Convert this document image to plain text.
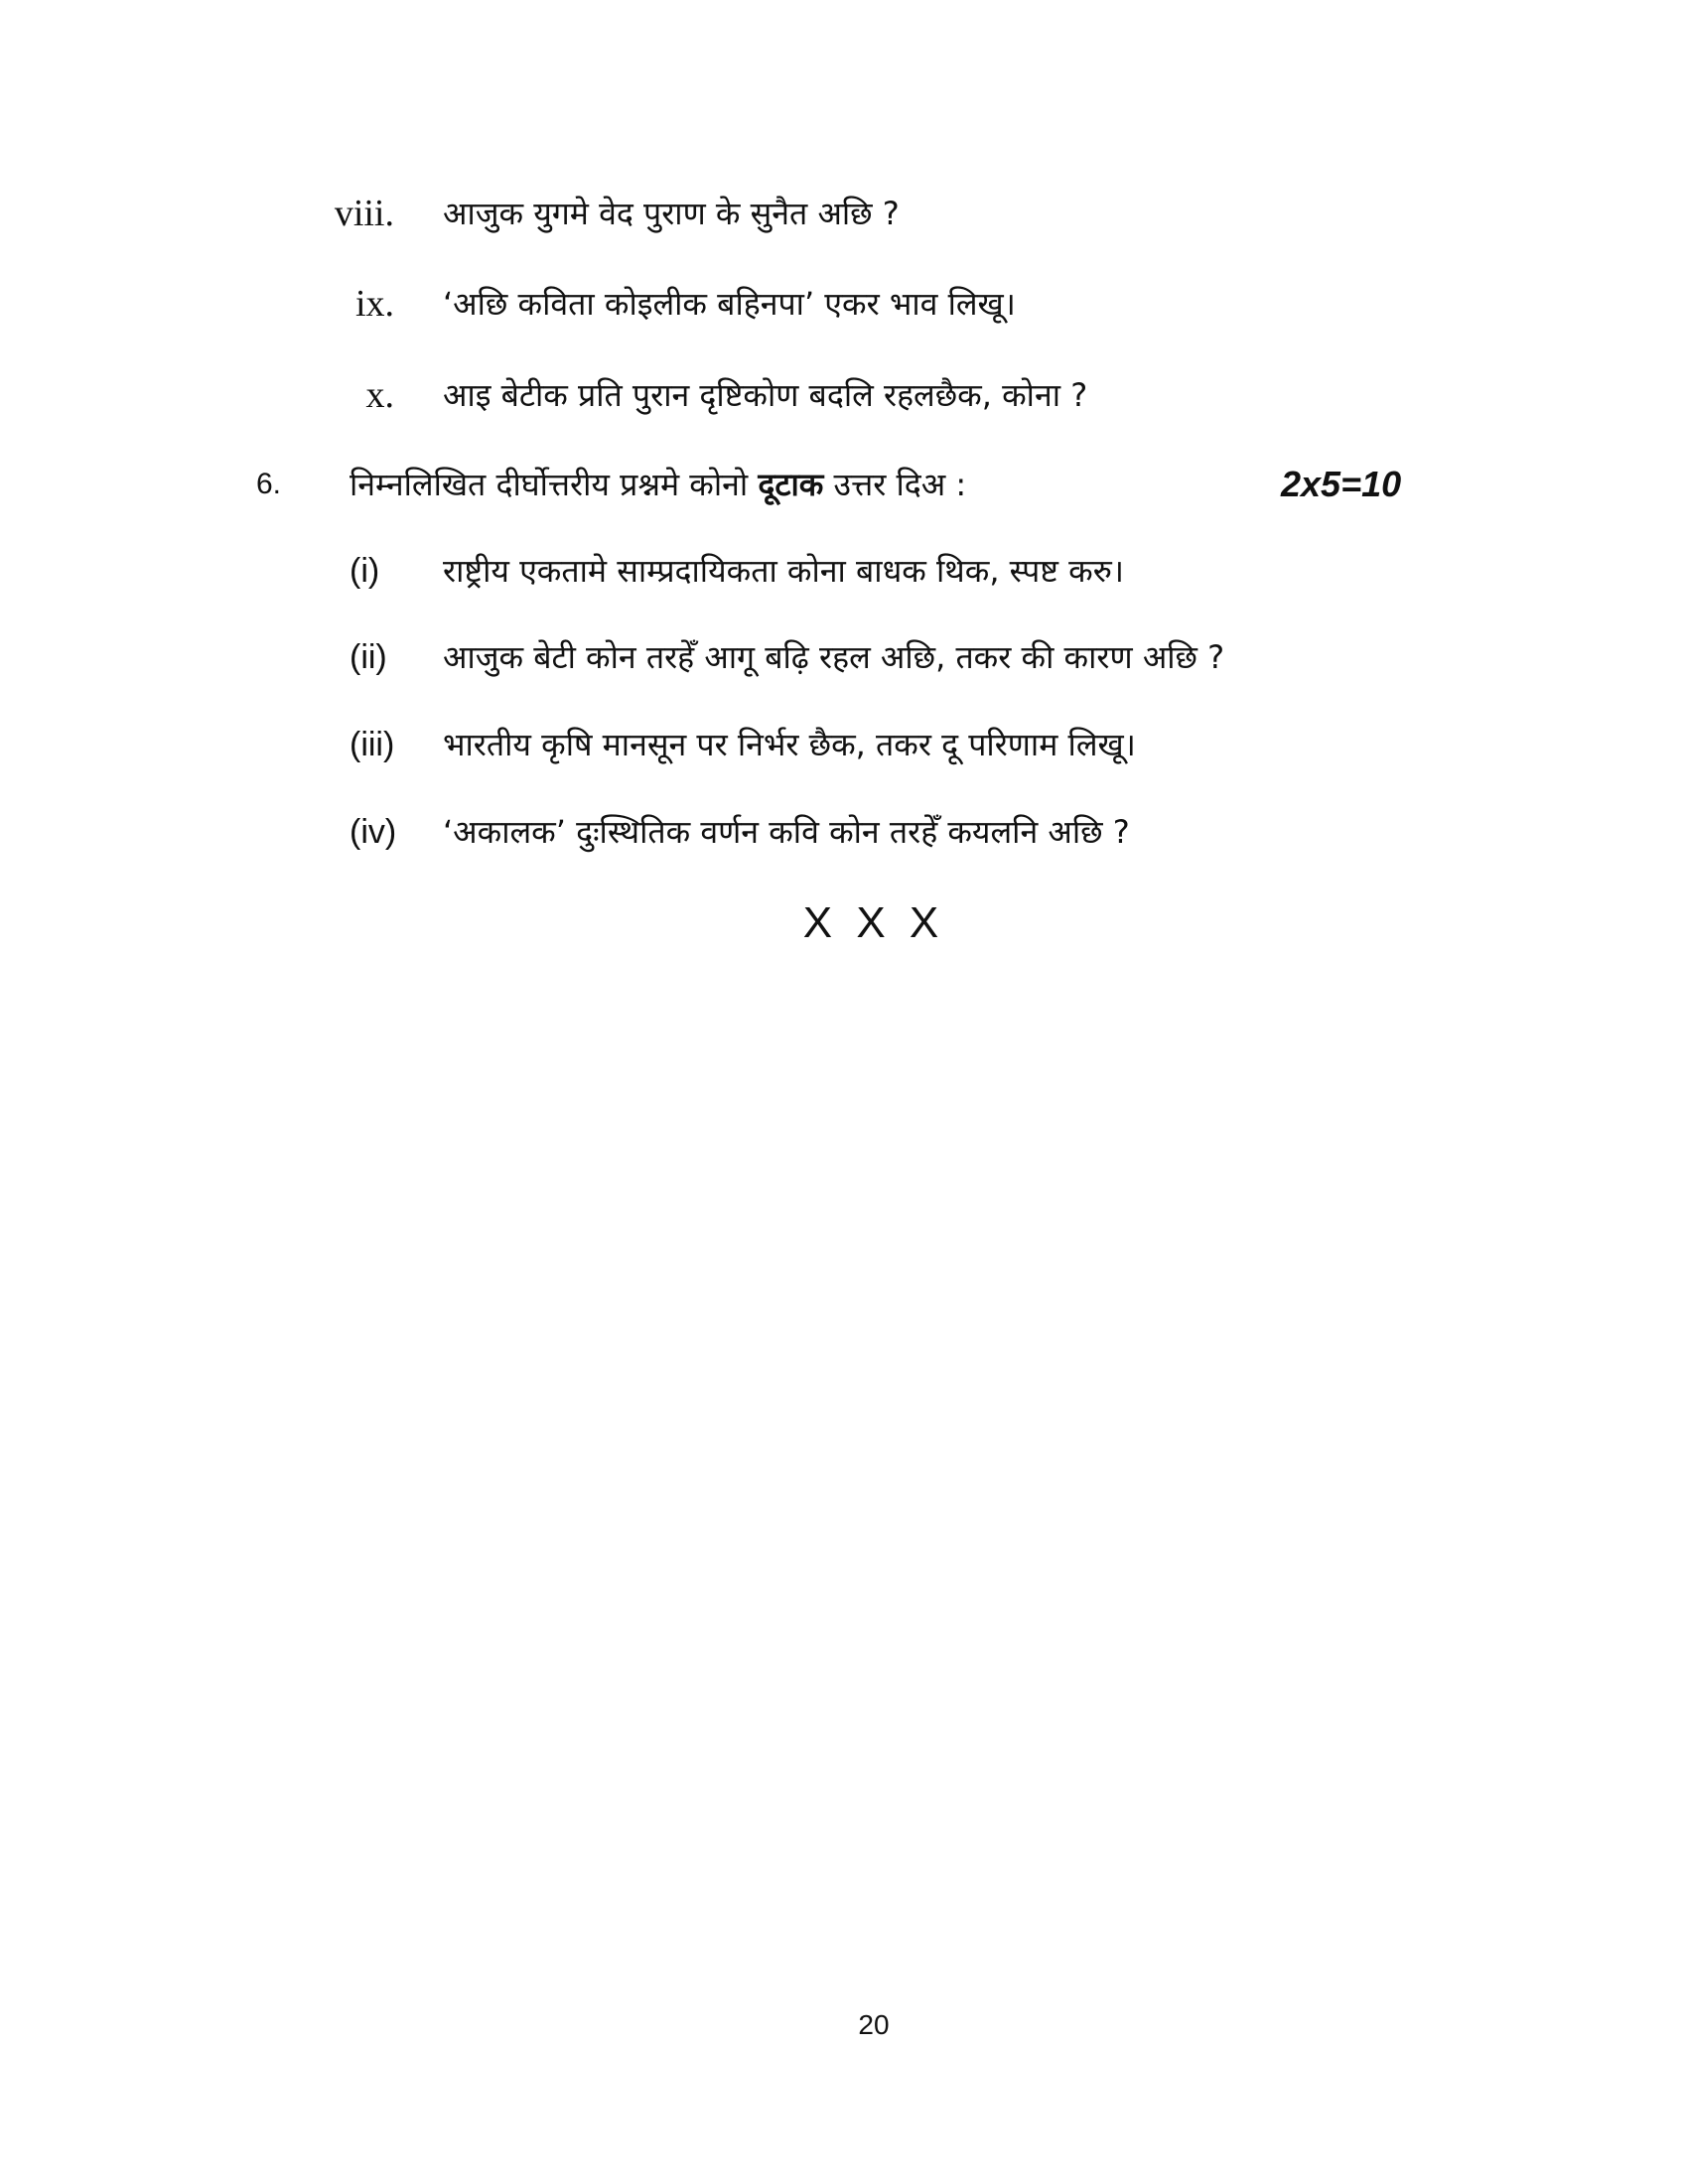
viii. आजुक युगमे वेद पुराण के सुनैत अछि ?
ix. ‘अछि कविता कोइलीक बहिनपा’ एकर भाव लिखू।
x. आइ बेटीक प्रति पुरान दृष्टिकोण बदलि रहलछैक, कोना ?
6. निम्नलिखित दीर्घोत्तरीय प्रश्नमे कोनो दूटाक उत्तर दिअ :	2x5=10
(i) राष्ट्रीय एकतामे साम्प्रदायिकता कोना बाधक थिक, स्पष्ट करु।
(ii) आजुक बेटी कोन तरहेँ आगू बढ़ि रहल अछि, तकर की कारण अछि ?
(iii) भारतीय कृषि मानसून पर निर्भर छैक, तकर दू परिणाम लिखू।
(iv) ‘अकालक’ दुःस्थितिक वर्णन कवि कोन तरहेँ कयलनि अछि ?
X X X
20
